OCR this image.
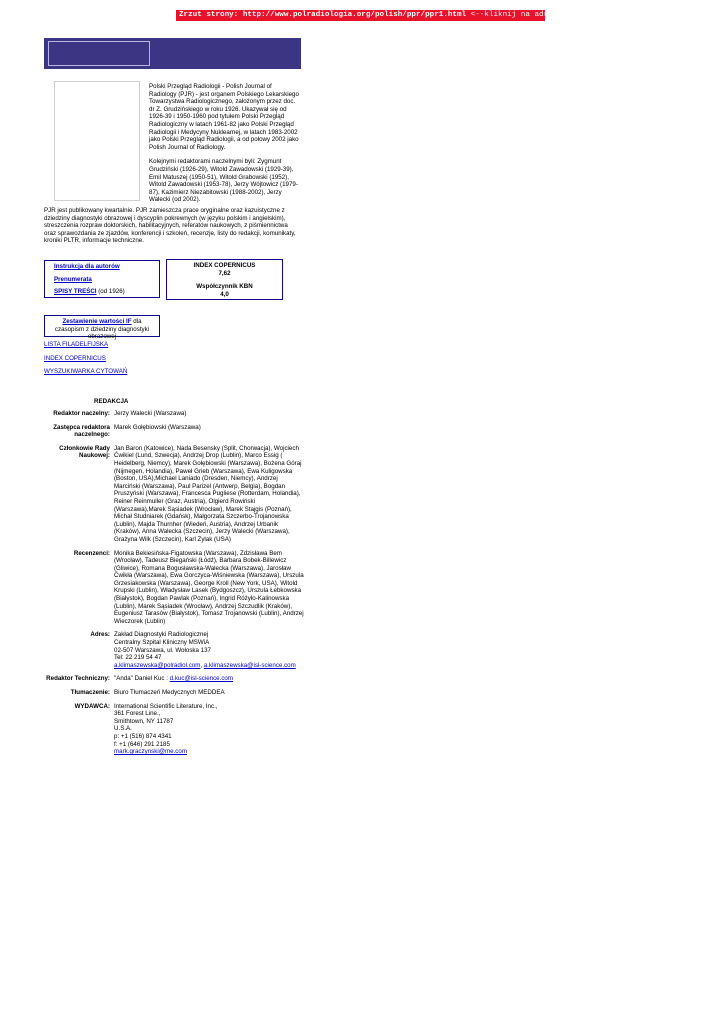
Zrzut strony: http://www.polradiologia.org/polish/ppr/ppr1.html <--kliknij na adresie

Polski Przegląd Radiologii - Polish Journal of Radiology (PJR) - jest organem Polskiego Lekarskiego Towarzystwa Radiologicznego, założonym przez doc. dr Z. Grudzińskiego w roku 1926. Ukazywał się od 1926-39 i 1950-1960 pod tytułem Polski Przegląd Radiologiczny w latach 1961-82 jako Polski Przegląd Radiologii i Medycyny Nuklearnej, w latach 1983-2002 jako Polski Przegląd Radiologii, a od połowy 2002 jako Polish Journal of Radiology.

Kolejnymi redaktorami naczelnymi byli: Zygmunt Grudziński (1926-29), Witold Zawadowski (1929-39), Emil Matuszej (1950-51), Witold Grabowski (1952), Witold Zawadowski (1953-78), Jerzy Wójtowicz (1979-87), Kazimierz Niezabitowski (1988-2002), Jerzy Walecki (od 2002).

PJR jest publikowany kwartalnie. PJR zamieszcza prace oryginalne oraz kazuistyczne z dziedziny diagnostyki obrazowej i dyscyplin pokrewnych (w języku polskim i angielskim), streszczenia rozpraw doktorskich, habilitacyjnych, referatów naukowych, z piśmiennictwa oraz sprawozdania ze zjazdów, konferencji i szkoleń, recenzje, listy do redakcji, komunikaty, kroniki PLTR, informacje techniczne.
Instrukcja dla autorów
Prenumerata
SPISY TREŚCI (od 1926)
INDEX COPERNICUS
7,62
Współczynnik KBN
4,0
Zestawienie wartości IF dla czasopism z dziedziny diagnostyki obrazowej
LISTA FILADELFIJSKA
INDEX COPERNICUS
WYSZUKIWARKA CYTOWAŃ
REDAKCJA
Redaktor naczelny: Jerzy Walecki (Warszawa)
Zastępca redaktora naczelnego:
Marek Gołębiowski (Warszawa)
Członkowie Rady Naukowej:
Jan Baron (Katowice), Nada Besensky (Split, Chorwacja), Wojciech Ćwikiel (Lund, Szwecja), Andrzej Drop (Lublin), Marco Essig ( Heidelberg, Niemcy), Marek Gołębiowski (Warszawa), Bożena Góraj (Nijmegen, Holandia), Paweł Grieb (Warszawa), Ewa Kuligowska (Boston, USA),Michael Laniado (Dresden, Niemcy), Andrzej Marciński (Warszawa), Paul Parizel (Antwerp, Belgia), Bogdan Pruszyński (Warszawa), Francesca Pugliese (Rotterdam, Holandia), Reiner Reinmuller (Graz, Austria), Olgierd Rowiński (Warszawa),Marek Sąsiadek (Wrocław), Marek Stajgis (Poznań), Michał Studniarek (Gdańsk), Małgorzata Szczerbo-Trojanowska (Lublin), Majda Thurnher (Wiedeń, Austria), Andrzej Urbanik (Kraków), Anna Walecka (Szczecin), Jerzy Walecki (Warszawa), Grażyna Wilk (Szczecin), Karl Zylak (USA)
Recenzenci: Monika Bekiesińska-Figatowska (Warszawa), Zdzisława Bem (Wrocław), Tadeusz Biegański (Łódź), Barbara Bobek-Billewicz (Gliwice), Romana Bogusławska-Walecka (Warszawa), Jarosław Ćwikła (Warszawa), Ewa Gorczyca-Wiśniewska (Warszawa), Urszula Grzesiakowska (Warszawa), George Kroll (New York, USA), Witold Krupski (Lublin), Władysław Lasek (Bydgoszcz), Urszula Łebkowska (Białystok), Bogdan Pawlak (Poznań), Ingrid Różyło-Kalinowska (Lublin), Marek Sąsiadek (Wrocław), Andrzej Szczudlik (Kraków), Eugeniusz Tarasów (Białystok), Tomasz Trojanowski (Lublin), Andrzej Wieczorek (Lublin)
Adres: Zakład Diagnostyki Radiologicznej
Centralny Szpital Kliniczny MSWiA
02-507 Warszawa, ul. Wołoska 137
Tel: 22 219 54 47
a.klimaszewska@polradiol.com, a.klimaszewska@isl-science.com
Redaktor Techniczny: "Anda" Daniel Kuc : d.kuc@isl-science.com
Tłumaczenie: Biuro Tłumaczeń Medycznych MEDDEA
WYDAWCA: International Scientific Literature, Inc.,
361 Forest Line.,
Smithtown, NY 11787
U.S.A.
p: +1 (516) 874 4341
f: +1 (646) 291 2185
mark.graczynski@me.com
